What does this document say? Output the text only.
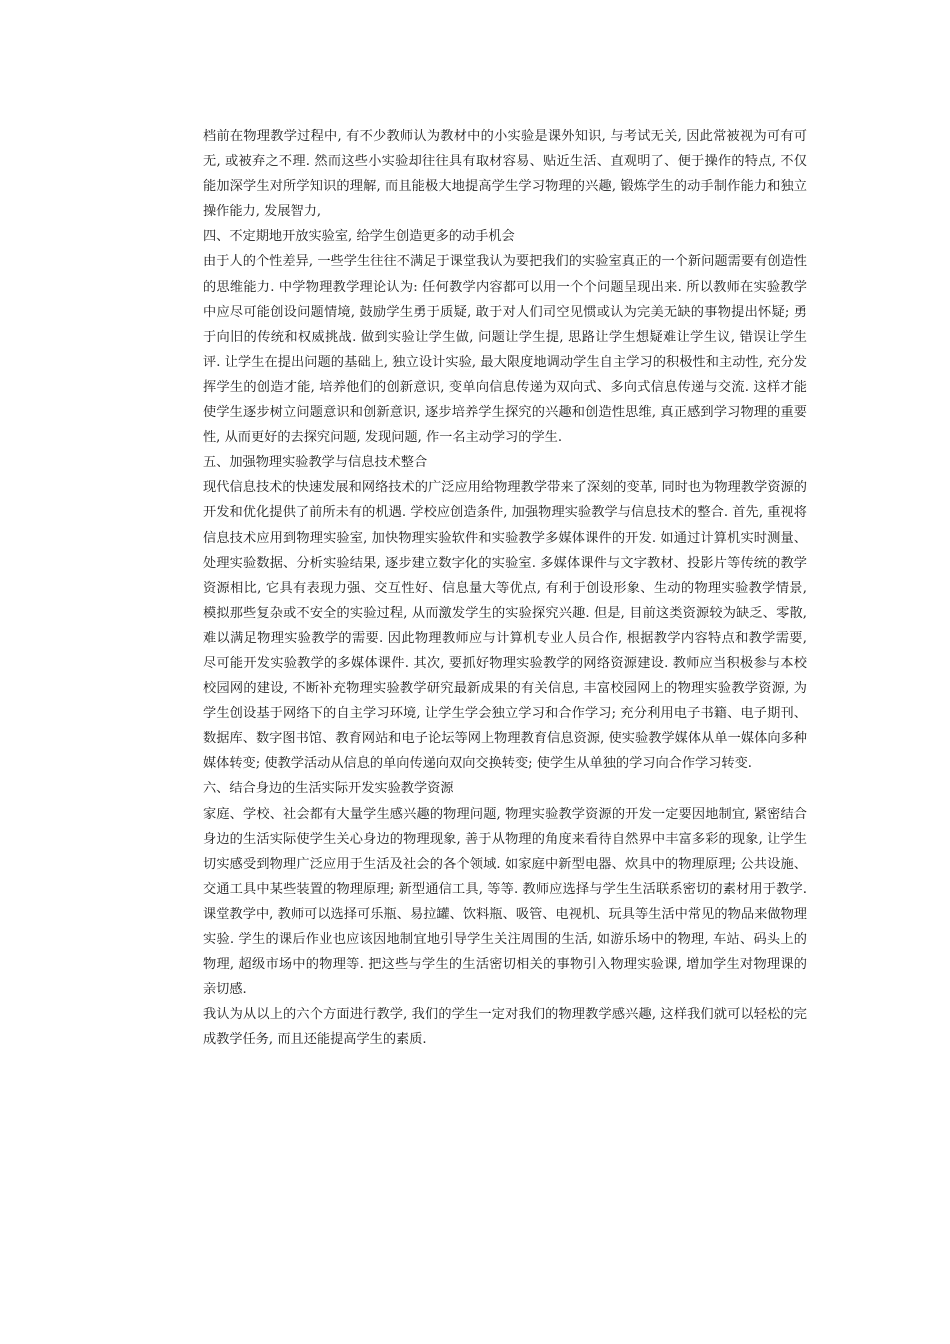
档前在物理教学过程中, 有不少教师认为教材中的小实验是课外知识, 与考试无关, 因此常被视为可有可无, 或被弃之不理. 然而这些小实验却往往具有取材容易、贴近生活、直观明了、便于操作的特点, 不仅能加深学生对所学知识的理解, 而且能极大地提高学生学习物理的兴趣, 锻炼学生的动手制作能力和独立操作能力, 发展智力,

四、不定期地开放实验室, 给学生创造更多的动手机会

由于人的个性差异, 一些学生往往不满足于课堂我认为要把我们的实验室真正的一个新问题需要有创造性的思维能力. 中学物理教学理论认为: 任何教学内容都可以用一个个问题呈现出来. 所以教师在实验教学中应尽可能创设问题情境, 鼓励学生勇于质疑, 敢于对人们司空见惯或认为完美无缺的事物提出怀疑; 勇于向旧的传统和权威挑战. 做到实验让学生做, 问题让学生提, 思路让学生想疑难让学生议, 错误让学生评. 让学生在提出问题的基础上, 独立设计实验, 最大限度地调动学生自主学习的积极性和主动性, 充分发挥学生的创造才能, 培养他们的创新意识, 变单向信息传递为双向式、多向式信息传递与交流. 这样才能使学生逐步树立问题意识和创新意识, 逐步培养学生探究的兴趣和创造性思维, 真正感到学习物理的重要性, 从而更好的去探究问题, 发现问题, 作一名主动学习的学生.

五、加强物理实验教学与信息技术整合

现代信息技术的快速发展和网络技术的广泛应用给物理教学带来了深刻的变革, 同时也为物理教学资源的开发和优化提供了前所未有的机遇. 学校应创造条件, 加强物理实验教学与信息技术的整合. 首先, 重视将信息技术应用到物理实验室, 加快物理实验软件和实验教学多媒体课件的开发. 如通过计算机实时测量、处理实验数据、分析实验结果, 逐步建立数字化的实验室. 多媒体课件与文字教材、投影片等传统的教学资源相比, 它具有表现力强、交互性好、信息量大等优点, 有利于创设形象、生动的物理实验教学情景, 模拟那些复杂或不安全的实验过程, 从而激发学生的实验探究兴趣. 但是, 目前这类资源较为缺乏、零散, 难以满足物理实验教学的需要. 因此物理教师应与计算机专业人员合作, 根据教学内容特点和教学需要, 尽可能开发实验教学的多媒体课件. 其次, 要抓好物理实验教学的网络资源建设. 教师应当积极参与本校校园网的建设, 不断补充物理实验教学研究最新成果的有关信息, 丰富校园网上的物理实验教学资源, 为学生创设基于网络下的自主学习环境, 让学生学会独立学习和合作学习; 充分利用电子书籍、电子期刊、数据库、数字图书馆、教育网站和电子论坛等网上物理教育信息资源, 使实验教学媒体从单一媒体向多种媒体转变; 使教学活动从信息的单向传递向双向交换转变; 使学生从单独的学习向合作学习转变.

六、结合身边的生活实际开发实验教学资源

家庭、学校、社会都有大量学生感兴趣的物理问题, 物理实验教学资源的开发一定要因地制宜, 紧密结合身边的生活实际使学生关心身边的物理现象, 善于从物理的角度来看待自然界中丰富多彩的现象, 让学生切实感受到物理广泛应用于生活及社会的各个领域. 如家庭中新型电器、炊具中的物理原理; 公共设施、交通工具中某些装置的物理原理; 新型通信工具, 等等. 教师应选择与学生生活联系密切的素材用于教学. 课堂教学中, 教师可以选择可乐瓶、易拉罐、饮料瓶、吸管、电视机、玩具等生活中常见的物品来做物理实验. 学生的课后作业也应该因地制宜地引导学生关注周围的生活, 如游乐场中的物理, 车站、码头上的物理, 超级市场中的物理等. 把这些与学生的生活密切相关的事物引入物理实验课, 增加学生对物理课的亲切感.

我认为从以上的六个方面进行教学, 我们的学生一定对我们的物理教学感兴趣, 这样我们就可以轻松的完成教学任务, 而且还能提高学生的素质.
